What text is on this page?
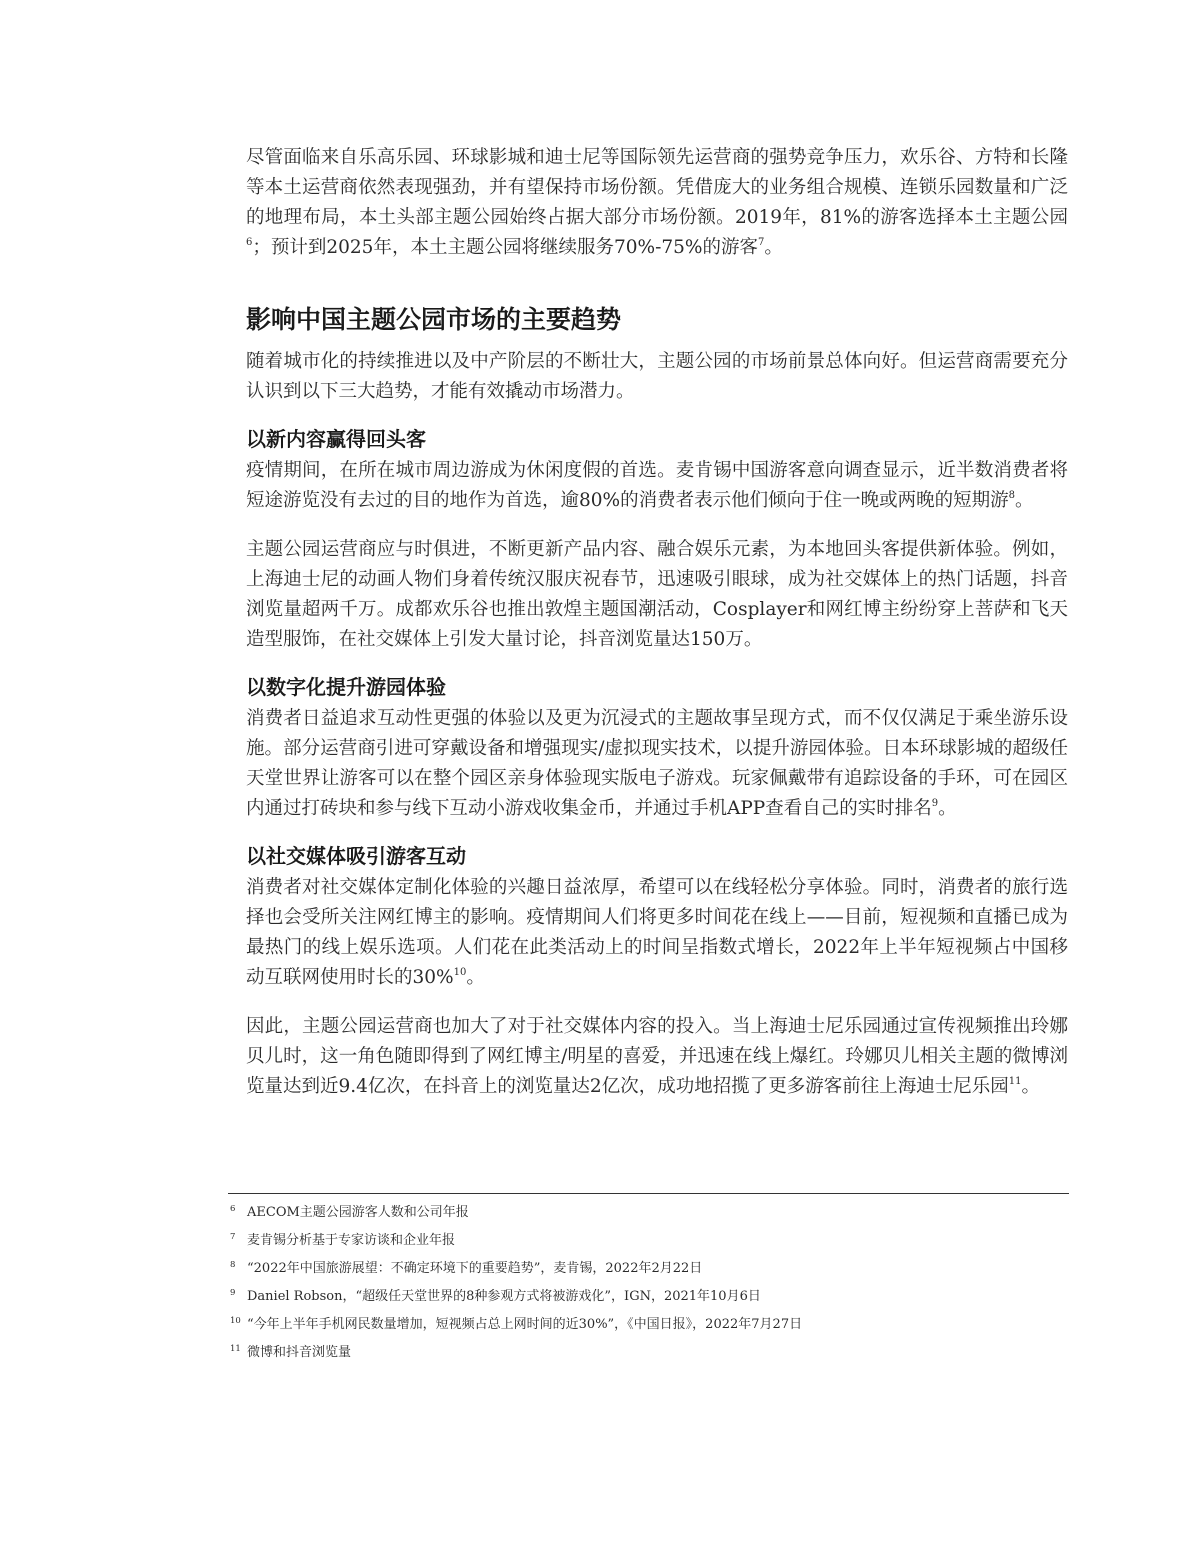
尽管面临来自乐高乐园、环球影城和迪士尼等国际领先运营商的强势竞争压力，欢乐谷、方特和长隆等本土运营商依然表现强劲，并有望保持市场份额。凭借庞大的业务组合规模、连锁乐园数量和广泛的地理布局，本土头部主题公园始终占据大部分市场份额。2019年，81%的游客选择本土主题公园$^6$；预计到2025年，本土主题公园将继续服务70%-75%的游客$^7$。

影响中国主题公园市场的主要趋势

随着城市化的持续推进以及中产阶层的不断壮大，主题公园的市场前景总体向好。但运营商需要充分认识到以下三大趋势，才能有效撬动市场潜力。

以新内容赢得回头客

疫情期间，在所在城市周边游成为休闲度假的首选。麦肯锡中国游客意向调查显示，近半数消费者将短途游览没有去过的目的地作为首选，逾80%的消费者表示他们倾向于住一晚或两晚的短期游$^8$。

主题公园运营商应与时俱进，不断更新产品内容、融合娱乐元素，为本地回头客提供新体验。例如，上海迪士尼的动画人物们身着传统汉服庆祝春节，迅速吸引眼球，成为社交媒体上的热门话题，抖音浏览量超两千万。成都欢乐谷也推出敦煌主题国潮活动，Cosplayer和网红博主纷纷穿上菩萨和飞天造型服饰，在社交媒体上引发大量讨论，抖音浏览量达150万。

以数字化提升游园体验

消费者日益追求互动性更强的体验以及更为沉浸式的主题故事呈现方式，而不仅仅满足于乘坐游乐设施。部分运营商引进可穿戴设备和增强现实/虚拟现实技术，以提升游园体验。日本环球影城的超级任天堂世界让游客可以在整个园区亲身体验现实版电子游戏。玩家佩戴带有追踪设备的手环，可在园区内通过打砖块和参与线下互动小游戏收集金币，并通过手机APP查看自己的实时排名$^9$。

以社交媒体吸引游客互动

消费者对社交媒体定制化体验的兴趣日益浓厚，希望可以在线轻松分享体验。同时，消费者的旅行选择也会受所关注网红博主的影响。疫情期间人们将更多时间花在线上——目前，短视频和直播已成为最热门的线上娱乐选项。人们花在此类活动上的时间呈指数式增长，2022年上半年短视频占中国移动互联网使用时长的30%$^{10}$。

因此，主题公园运营商也加大了对于社交媒体内容的投入。当上海迪士尼乐园通过宣传视频推出玲娜贝儿时，这一角色随即得到了网红博主/明星的喜爱，并迅速在线上爆红。玲娜贝儿相关主题的微博浏览量达到近9.4亿次，在抖音上的浏览量达2亿次，成功地招揽了更多游客前往上海迪士尼乐园$^{11}$。

6 AECOM主题公园游客人数和公司年报
7 麦肯锡分析基于专家访谈和企业年报
8 “2022年中国旅游展望：不确定环境下的重要趋势”，麦肯锡，2022年2月22日
9 Daniel Robson，“超级任天堂世界的8种参观方式将被游戏化”，IGN，2021年10月6日
10 “今年上半年手机网民数量增加，短视频占总上网时间的近30%”，《中国日报》，2022年7月27日
11 微博和抖音浏览量
